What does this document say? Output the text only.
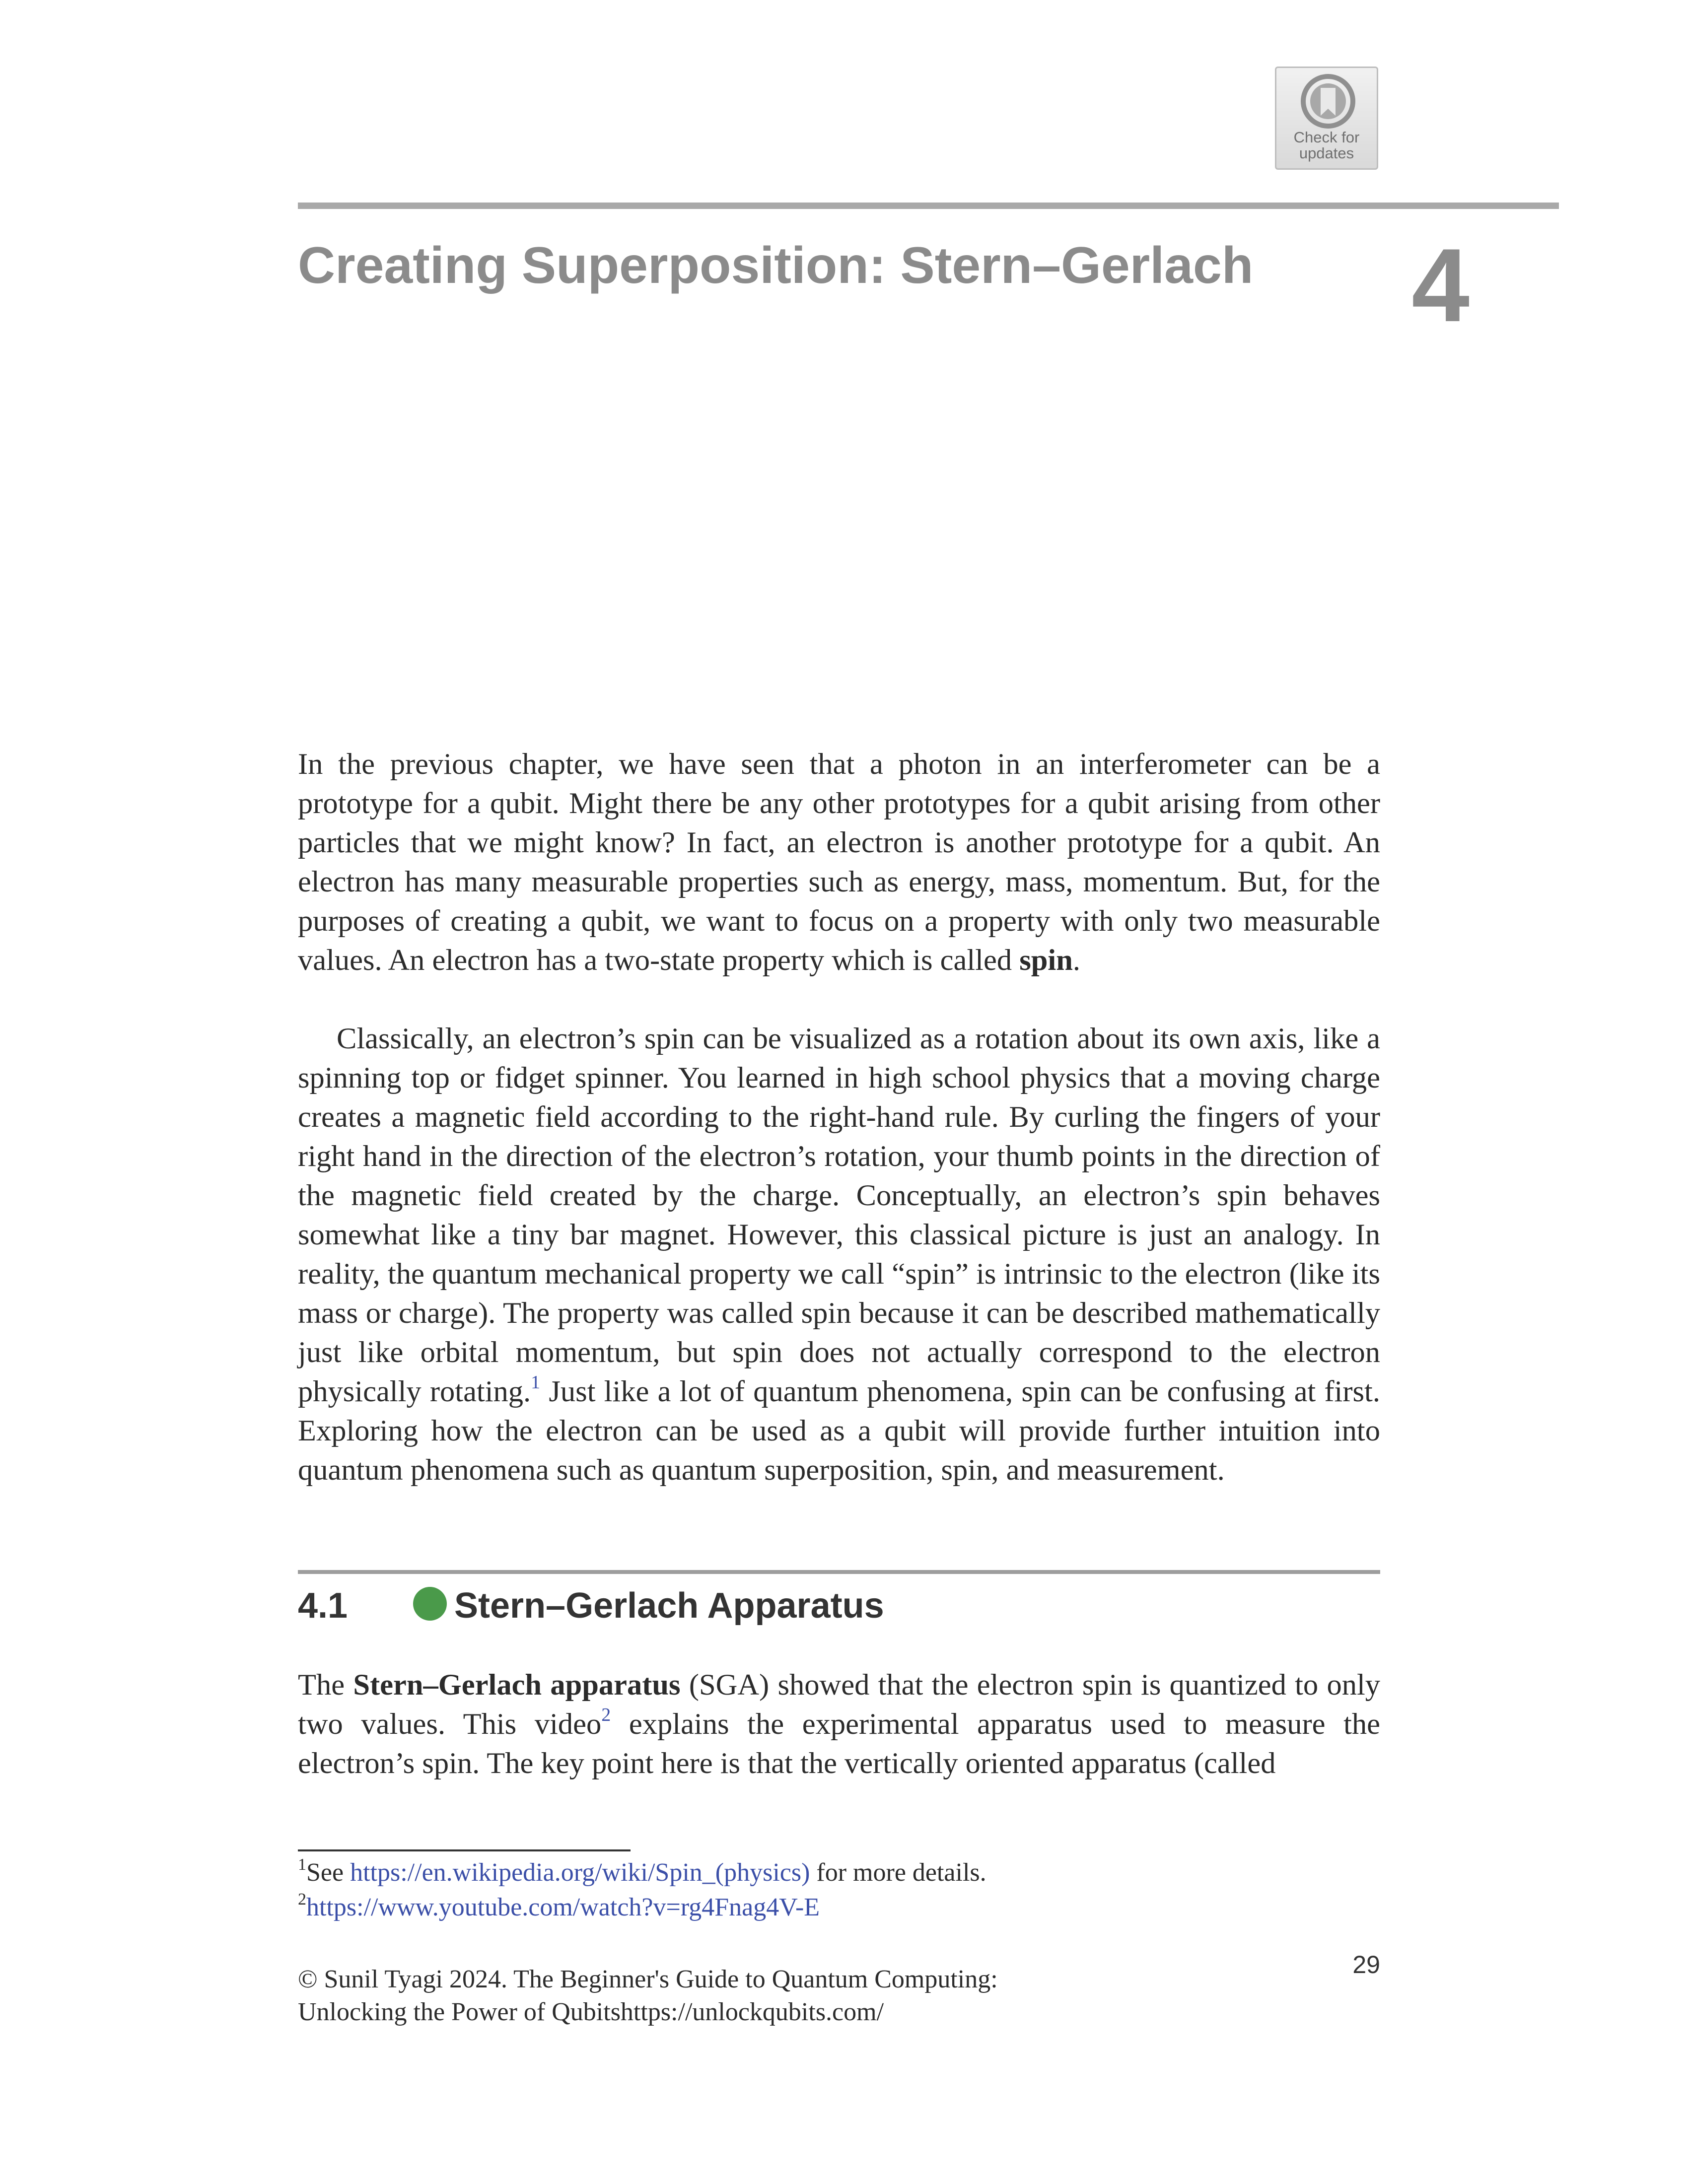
Check for
updates
Creating Superposition: Stern–Gerlach 4

In the previous chapter, we have seen that a photon in an interferometer can be a prototype for a qubit. Might there be any other prototypes for a qubit arising from other particles that we might know? In fact, an electron is another prototype for a qubit. An electron has many measurable properties such as energy, mass, momentum. But, for the purposes of creating a qubit, we want to focus on a property with only two measurable values. An electron has a two-state property which is called spin.

Classically, an electron’s spin can be visualized as a rotation about its own axis, like a spinning top or fidget spinner. You learned in high school physics that a moving charge creates a magnetic field according to the right-hand rule. By curling the fingers of your right hand in the direction of the electron’s rotation, your thumb points in the direction of the magnetic field created by the charge. Conceptually, an electron’s spin behaves somewhat like a tiny bar magnet. However, this classical picture is just an analogy. In reality, the quantum mechanical property we call “spin” is intrinsic to the electron (like its mass or charge). The property was called spin because it can be described mathematically just like orbital momentum, but spin does not actually correspond to the electron physically rotating.$^1$ Just like a lot of quantum phenomena, spin can be confusing at first. Exploring how the electron can be used as a qubit will provide further intuition into quantum phenomena such as quantum superposition, spin, and measurement.

4.1	Stern–Gerlach Apparatus

The Stern–Gerlach apparatus (SGA) showed that the electron spin is quantized to only two values. This video$^2$ explains the experimental apparatus used to measure the electron’s spin. The key point here is that the vertically oriented apparatus (called

$^1$See https://en.wikipedia.org/wiki/Spin_(physics) for more details.
$^2$https://www.youtube.com/watch?v=rg4Fnag4V-E
© Sunil Tyagi 2024. The Beginner's Guide to Quantum Computing:
Unlocking the Power of Qubitshttps://unlockqubits.com/
29
